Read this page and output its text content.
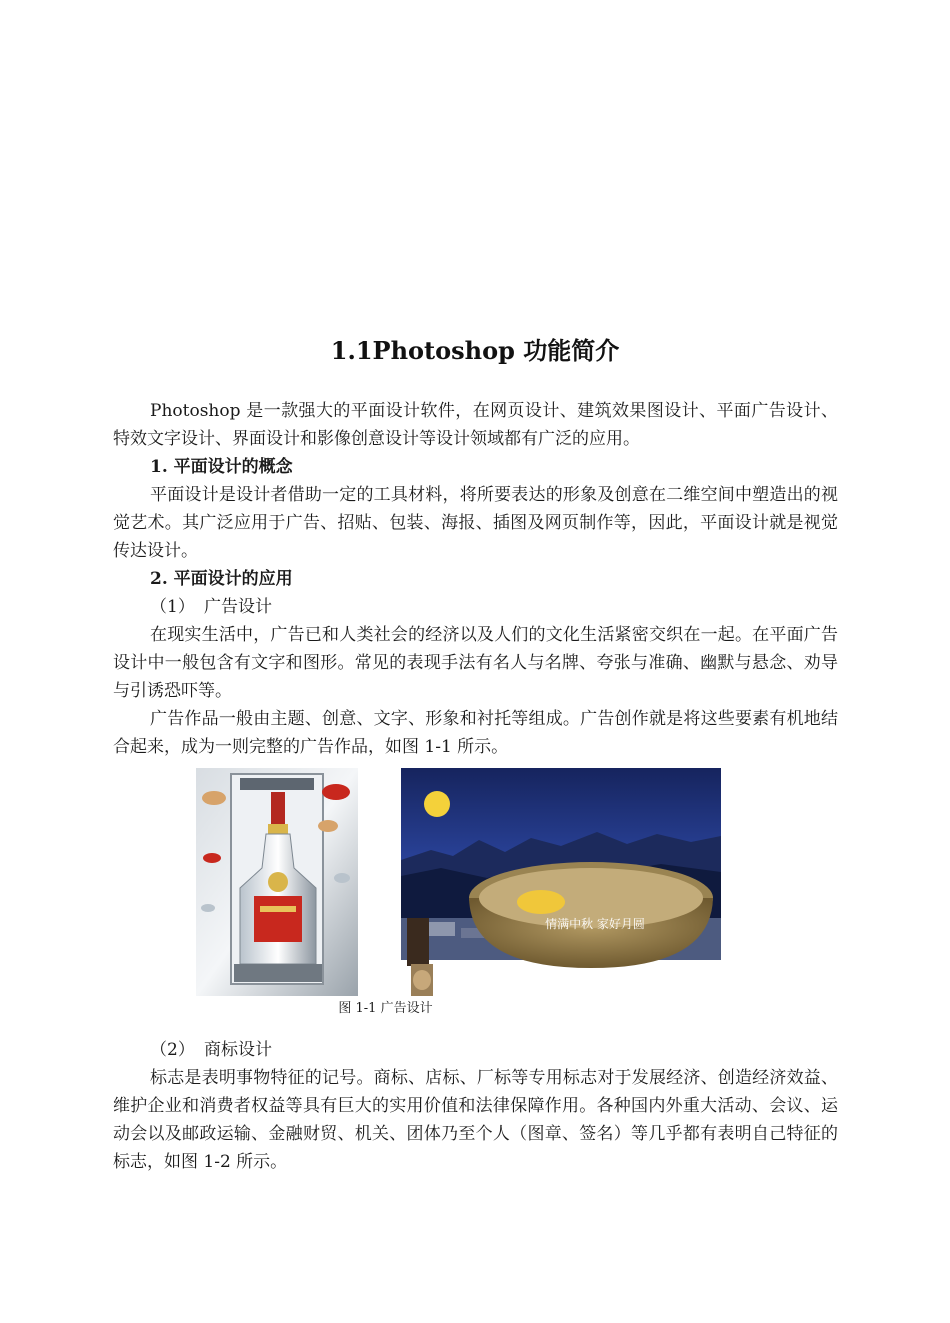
1.1Photoshop 功能简介

Photoshop 是一款强大的平面设计软件，在网页设计、建筑效果图设计、平面广告设计、特效文字设计、界面设计和影像创意设计等设计领域都有广泛的应用。

1. 平面设计的概念

平面设计是设计者借助一定的工具材料，将所要表达的形象及创意在二维空间中塑造出的视觉艺术。其广泛应用于广告、招贴、包装、海报、插图及网页制作等，因此，平面设计就是视觉传达设计。

2. 平面设计的应用

（1） 广告设计

在现实生活中，广告已和人类社会的经济以及人们的文化生活紧密交织在一起。在平面广告设计中一般包含有文字和图形。常见的表现手法有名人与名牌、夸张与准确、幽默与悬念、劝导与引诱恐吓等。

广告作品一般由主题、创意、文字、形象和衬托等组成。广告创作就是将这些要素有机地结合起来，成为一则完整的广告作品，如图 1-1 所示。

情满中秋 家好月圆
图 1-1 广告设计

（2） 商标设计

标志是表明事物特征的记号。商标、店标、厂标等专用标志对于发展经济、创造经济效益、维护企业和消费者权益等具有巨大的实用价值和法律保障作用。各种国内外重大活动、会议、运动会以及邮政运输、金融财贸、机关、团体乃至个人（图章、签名）等几乎都有表明自己特征的标志，如图 1-2 所示。
